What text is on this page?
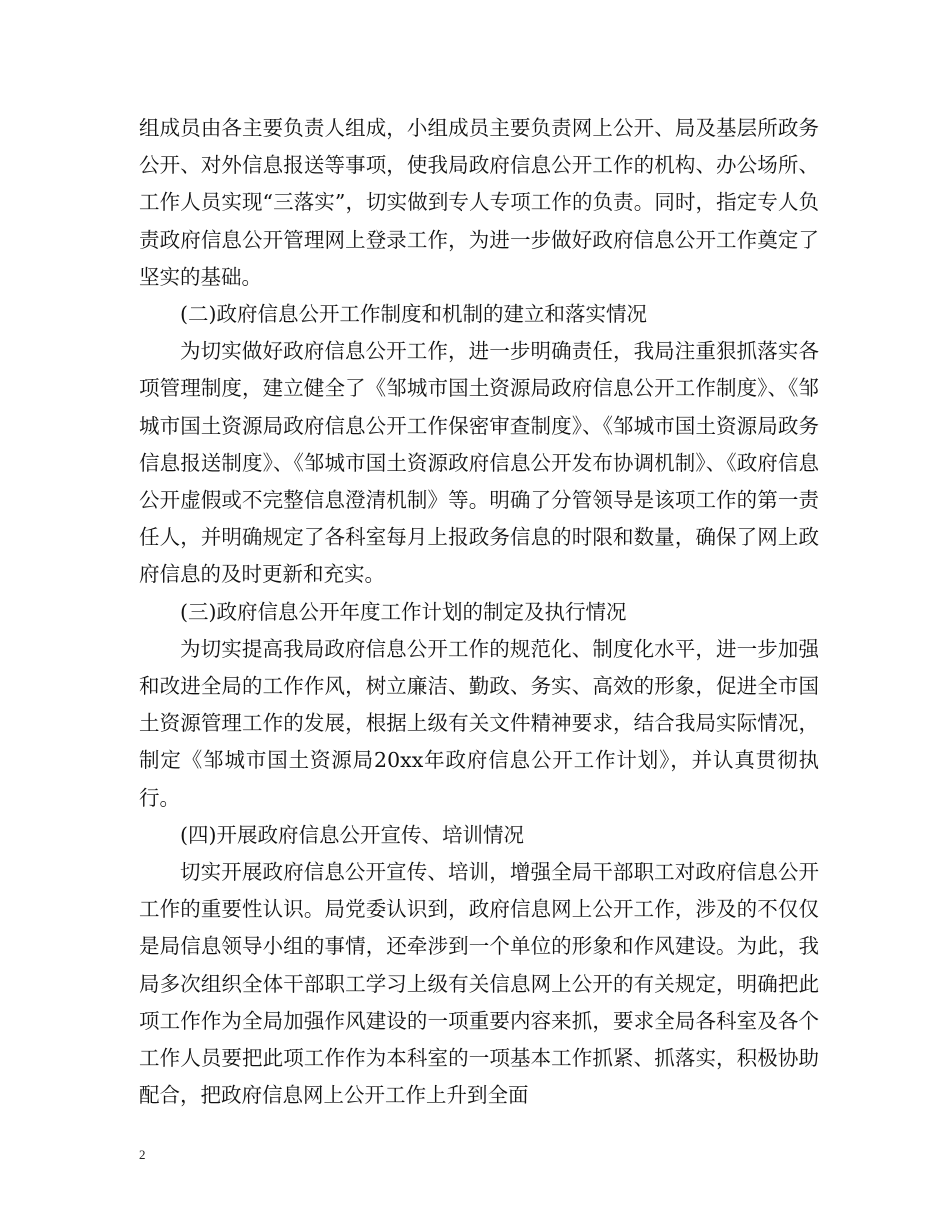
组成员由各主要负责人组成，小组成员主要负责网上公开、局及基层所政务公开、对外信息报送等事项，使我局政府信息公开工作的机构、办公场所、工作人员实现“三落实”，切实做到专人专项工作的负责。同时，指定专人负责政府信息公开管理网上登录工作，为进一步做好政府信息公开工作奠定了坚实的基础。

(二)政府信息公开工作制度和机制的建立和落实情况

为切实做好政府信息公开工作，进一步明确责任，我局注重狠抓落实各项管理制度，建立健全了《邹城市国土资源局政府信息公开工作制度》、《邹城市国土资源局政府信息公开工作保密审查制度》、《邹城市国土资源局政务信息报送制度》、《邹城市国土资源政府信息公开发布协调机制》、《政府信息公开虚假或不完整信息澄清机制》等。明确了分管领导是该项工作的第一责任人，并明确规定了各科室每月上报政务信息的时限和数量，确保了网上政府信息的及时更新和充实。

(三)政府信息公开年度工作计划的制定及执行情况

为切实提高我局政府信息公开工作的规范化、制度化水平，进一步加强和改进全局的工作作风，树立廉洁、勤政、务实、高效的形象，促进全市国土资源管理工作的发展，根据上级有关文件精神要求，结合我局实际情况，制定《邹城市国土资源局20xx年政府信息公开工作计划》，并认真贯彻执行。

(四)开展政府信息公开宣传、培训情况

切实开展政府信息公开宣传、培训，增强全局干部职工对政府信息公开工作的重要性认识。局党委认识到，政府信息网上公开工作，涉及的不仅仅是局信息领导小组的事情，还牵涉到一个单位的形象和作风建设。为此，我局多次组织全体干部职工学习上级有关信息网上公开的有关规定，明确把此项工作作为全局加强作风建设的一项重要内容来抓，要求全局各科室及各个工作人员要把此项工作作为本科室的一项基本工作抓紧、抓落实，积极协助配合，把政府信息网上公开工作上升到全面

2
